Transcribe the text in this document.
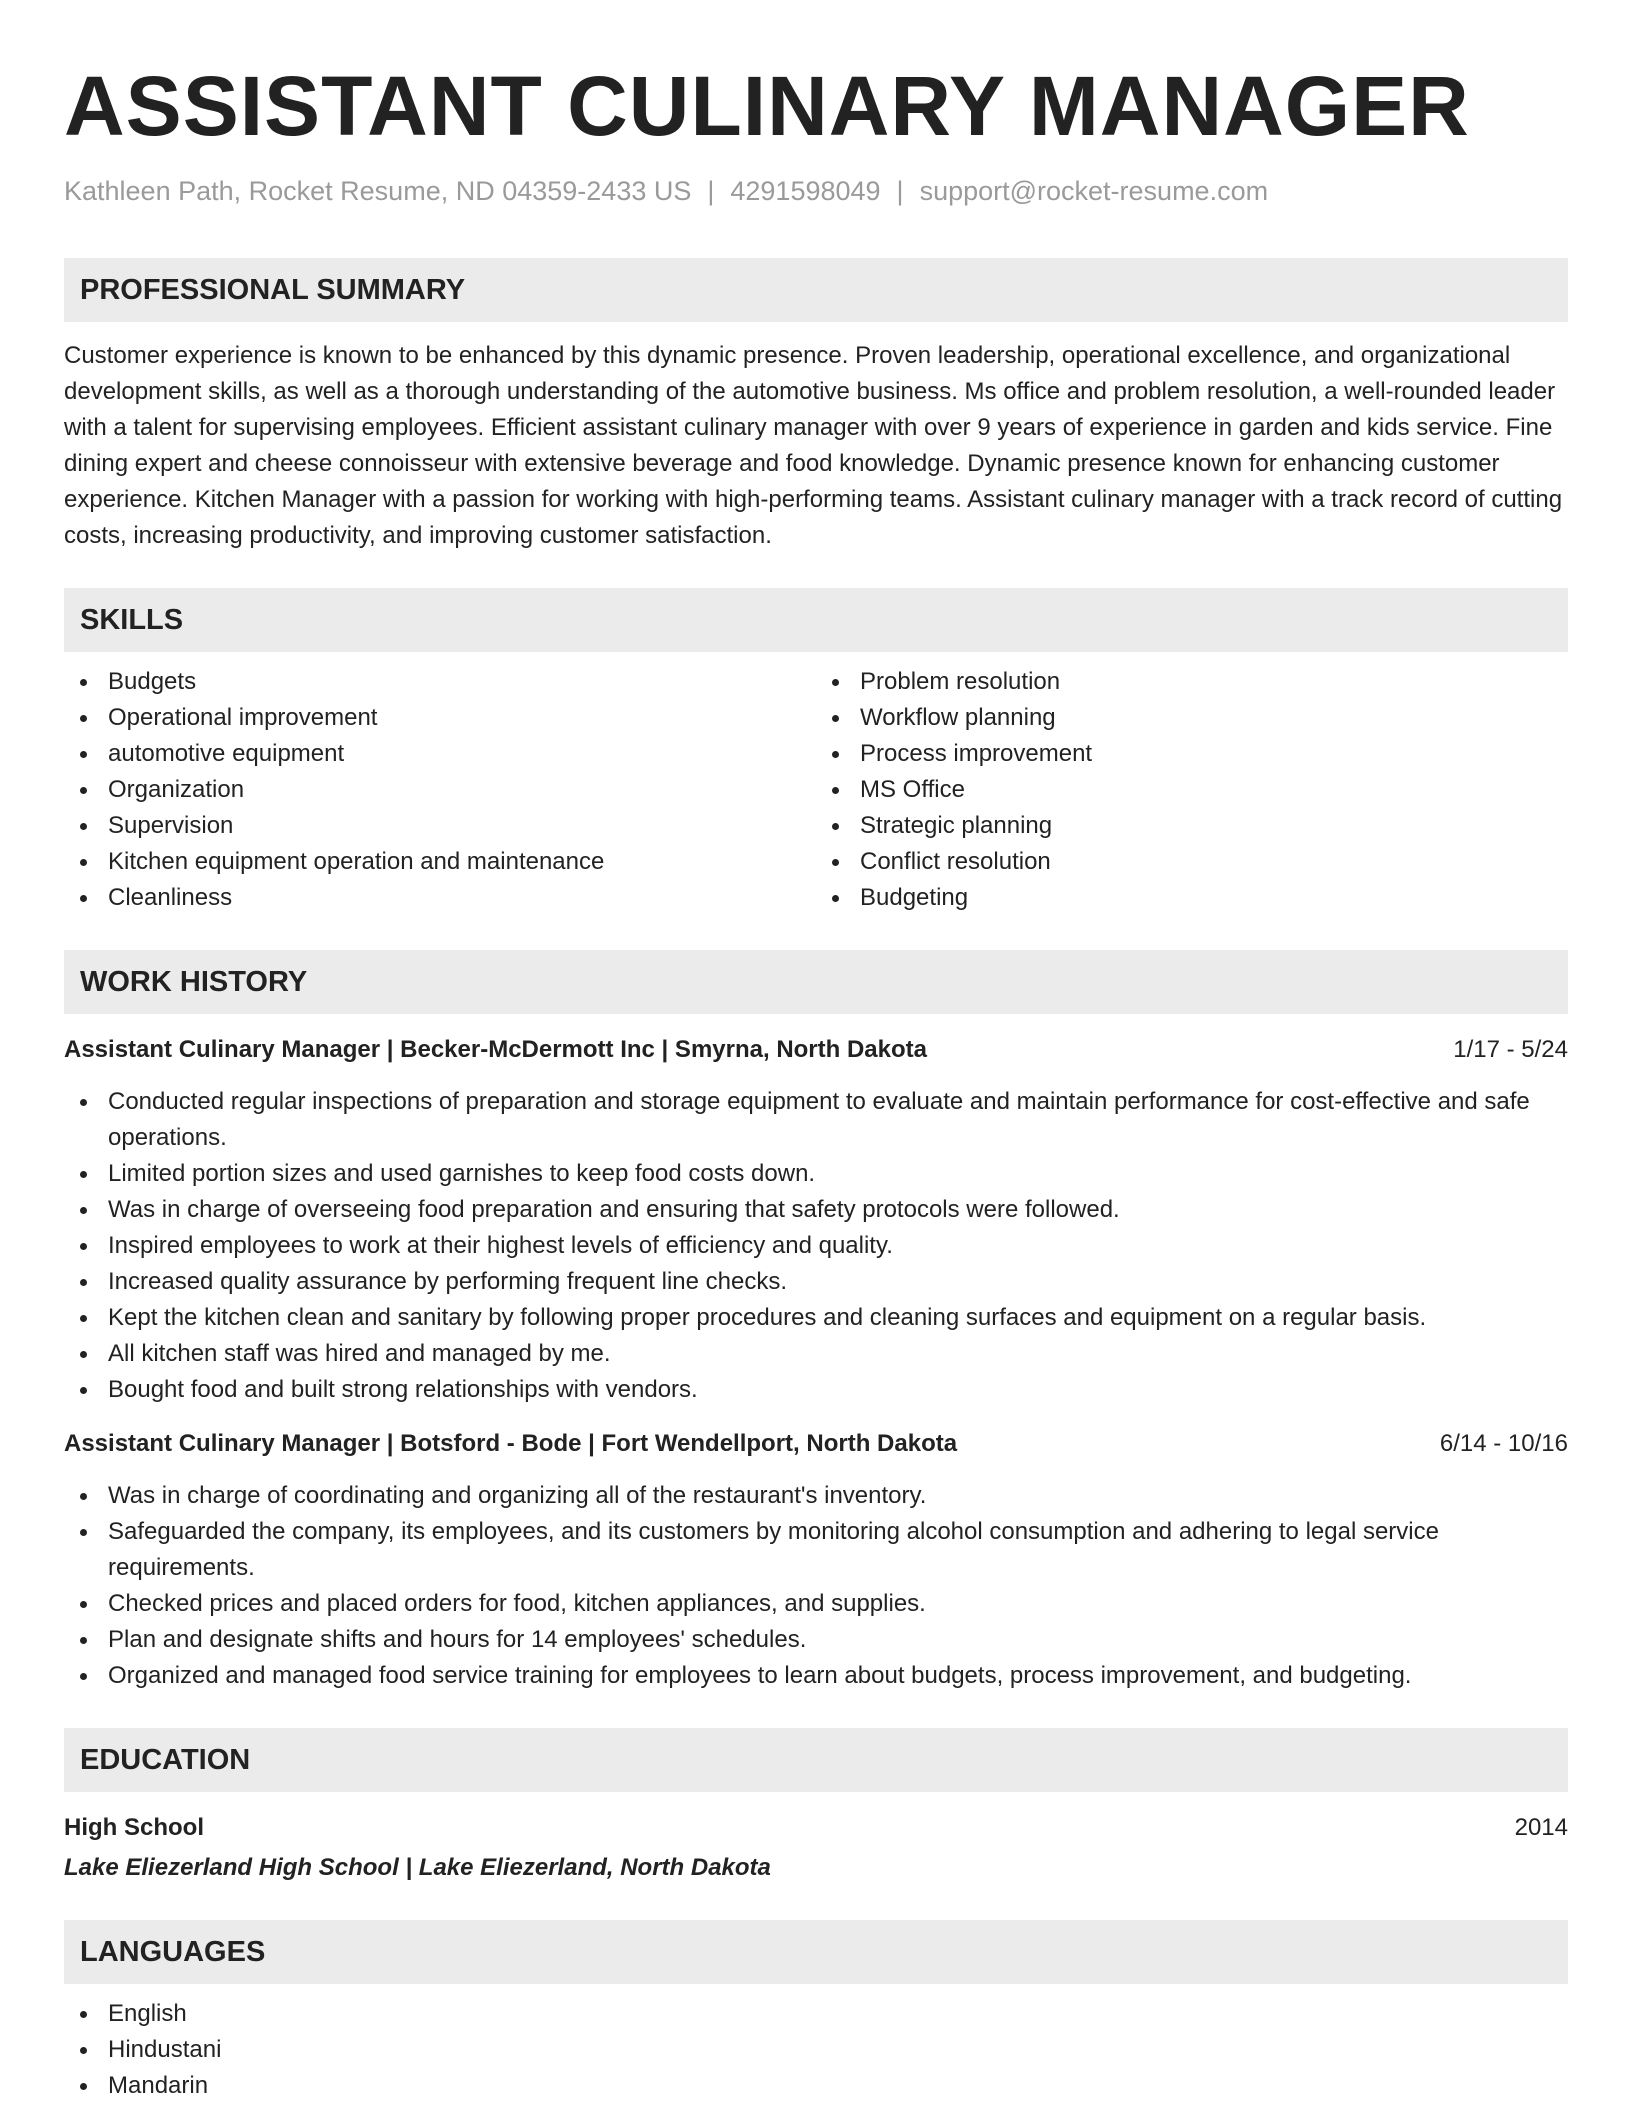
ASSISTANT CULINARY MANAGER
Kathleen Path, Rocket Resume, ND 04359-2433 US | 4291598049 | support@rocket-resume.com
PROFESSIONAL SUMMARY

Customer experience is known to be enhanced by this dynamic presence. Proven leadership, operational excellence, and organizational development skills, as well as a thorough understanding of the automotive business. Ms office and problem resolution, a well-rounded leader with a talent for supervising employees. Efficient assistant culinary manager with over 9 years of experience in garden and kids service. Fine dining expert and cheese connoisseur with extensive beverage and food knowledge. Dynamic presence known for enhancing customer experience. Kitchen Manager with a passion for working with high-performing teams. Assistant culinary manager with a track record of cutting costs, increasing productivity, and improving customer satisfaction.

SKILLS
Budgets
Operational improvement
automotive equipment
Organization
Supervision
Kitchen equipment operation and maintenance
Cleanliness
Problem resolution
Workflow planning
Process improvement
MS Office
Strategic planning
Conflict resolution
Budgeting
WORK HISTORY
Assistant Culinary Manager | Becker-McDermott Inc | Smyrna, North Dakota	1/17 - 5/24
Conducted regular inspections of preparation and storage equipment to evaluate and maintain performance for cost-effective and safe operations.
Limited portion sizes and used garnishes to keep food costs down.
Was in charge of overseeing food preparation and ensuring that safety protocols were followed.
Inspired employees to work at their highest levels of efficiency and quality.
Increased quality assurance by performing frequent line checks.
Kept the kitchen clean and sanitary by following proper procedures and cleaning surfaces and equipment on a regular basis.
All kitchen staff was hired and managed by me.
Bought food and built strong relationships with vendors.
Assistant Culinary Manager | Botsford - Bode | Fort Wendellport, North Dakota	6/14 - 10/16
Was in charge of coordinating and organizing all of the restaurant's inventory.
Safeguarded the company, its employees, and its customers by monitoring alcohol consumption and adhering to legal service requirements.
Checked prices and placed orders for food, kitchen appliances, and supplies.
Plan and designate shifts and hours for 14 employees' schedules.
Organized and managed food service training for employees to learn about budgets, process improvement, and budgeting.
EDUCATION
High School	2014
Lake Eliezerland High School | Lake Eliezerland, North Dakota
LANGUAGES
English
Hindustani
Mandarin
